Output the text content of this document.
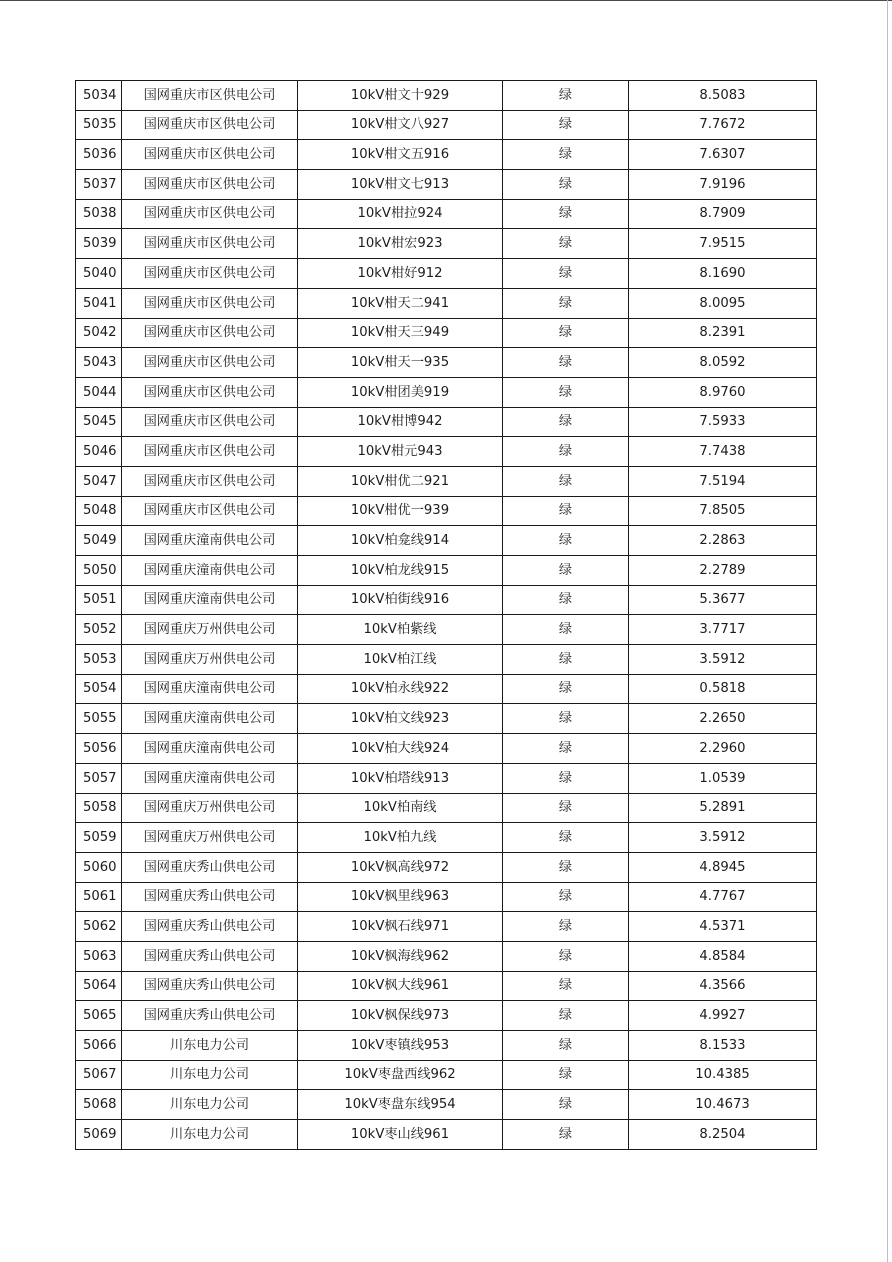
5034	国网重庆市区供电公司	10kV柑文十929	绿	8.5083
5035	国网重庆市区供电公司	10kV柑文八927	绿	7.7672
5036	国网重庆市区供电公司	10kV柑文五916	绿	7.6307
5037	国网重庆市区供电公司	10kV柑文七913	绿	7.9196
5038	国网重庆市区供电公司	10kV柑拉924	绿	8.7909
5039	国网重庆市区供电公司	10kV柑宏923	绿	7.9515
5040	国网重庆市区供电公司	10kV柑好912	绿	8.1690
5041	国网重庆市区供电公司	10kV柑天二941	绿	8.0095
5042	国网重庆市区供电公司	10kV柑天三949	绿	8.2391
5043	国网重庆市区供电公司	10kV柑天一935	绿	8.0592
5044	国网重庆市区供电公司	10kV柑团美919	绿	8.9760
5045	国网重庆市区供电公司	10kV柑博942	绿	7.5933
5046	国网重庆市区供电公司	10kV柑元943	绿	7.7438
5047	国网重庆市区供电公司	10kV柑优二921	绿	7.5194
5048	国网重庆市区供电公司	10kV柑优一939	绿	7.8505
5049	国网重庆潼南供电公司	10kV柏龛线914	绿	2.2863
5050	国网重庆潼南供电公司	10kV柏龙线915	绿	2.2789
5051	国网重庆潼南供电公司	10kV柏街线916	绿	5.3677
5052	国网重庆万州供电公司	10kV柏紫线	绿	3.7717
5053	国网重庆万州供电公司	10kV柏江线	绿	3.5912
5054	国网重庆潼南供电公司	10kV柏永线922	绿	0.5818
5055	国网重庆潼南供电公司	10kV柏文线923	绿	2.2650
5056	国网重庆潼南供电公司	10kV柏大线924	绿	2.2960
5057	国网重庆潼南供电公司	10kV柏塔线913	绿	1.0539
5058	国网重庆万州供电公司	10kV柏南线	绿	5.2891
5059	国网重庆万州供电公司	10kV柏九线	绿	3.5912
5060	国网重庆秀山供电公司	10kV枫高线972	绿	4.8945
5061	国网重庆秀山供电公司	10kV枫里线963	绿	4.7767
5062	国网重庆秀山供电公司	10kV枫石线971	绿	4.5371
5063	国网重庆秀山供电公司	10kV枫海线962	绿	4.8584
5064	国网重庆秀山供电公司	10kV枫大线961	绿	4.3566
5065	国网重庆秀山供电公司	10kV枫保线973	绿	4.9927
5066	川东电力公司	10kV枣镇线953	绿	8.1533
5067	川东电力公司	10kV枣盘西线962	绿	10.4385
5068	川东电力公司	10kV枣盘东线954	绿	10.4673
5069	川东电力公司	10kV枣山线961	绿	8.2504
